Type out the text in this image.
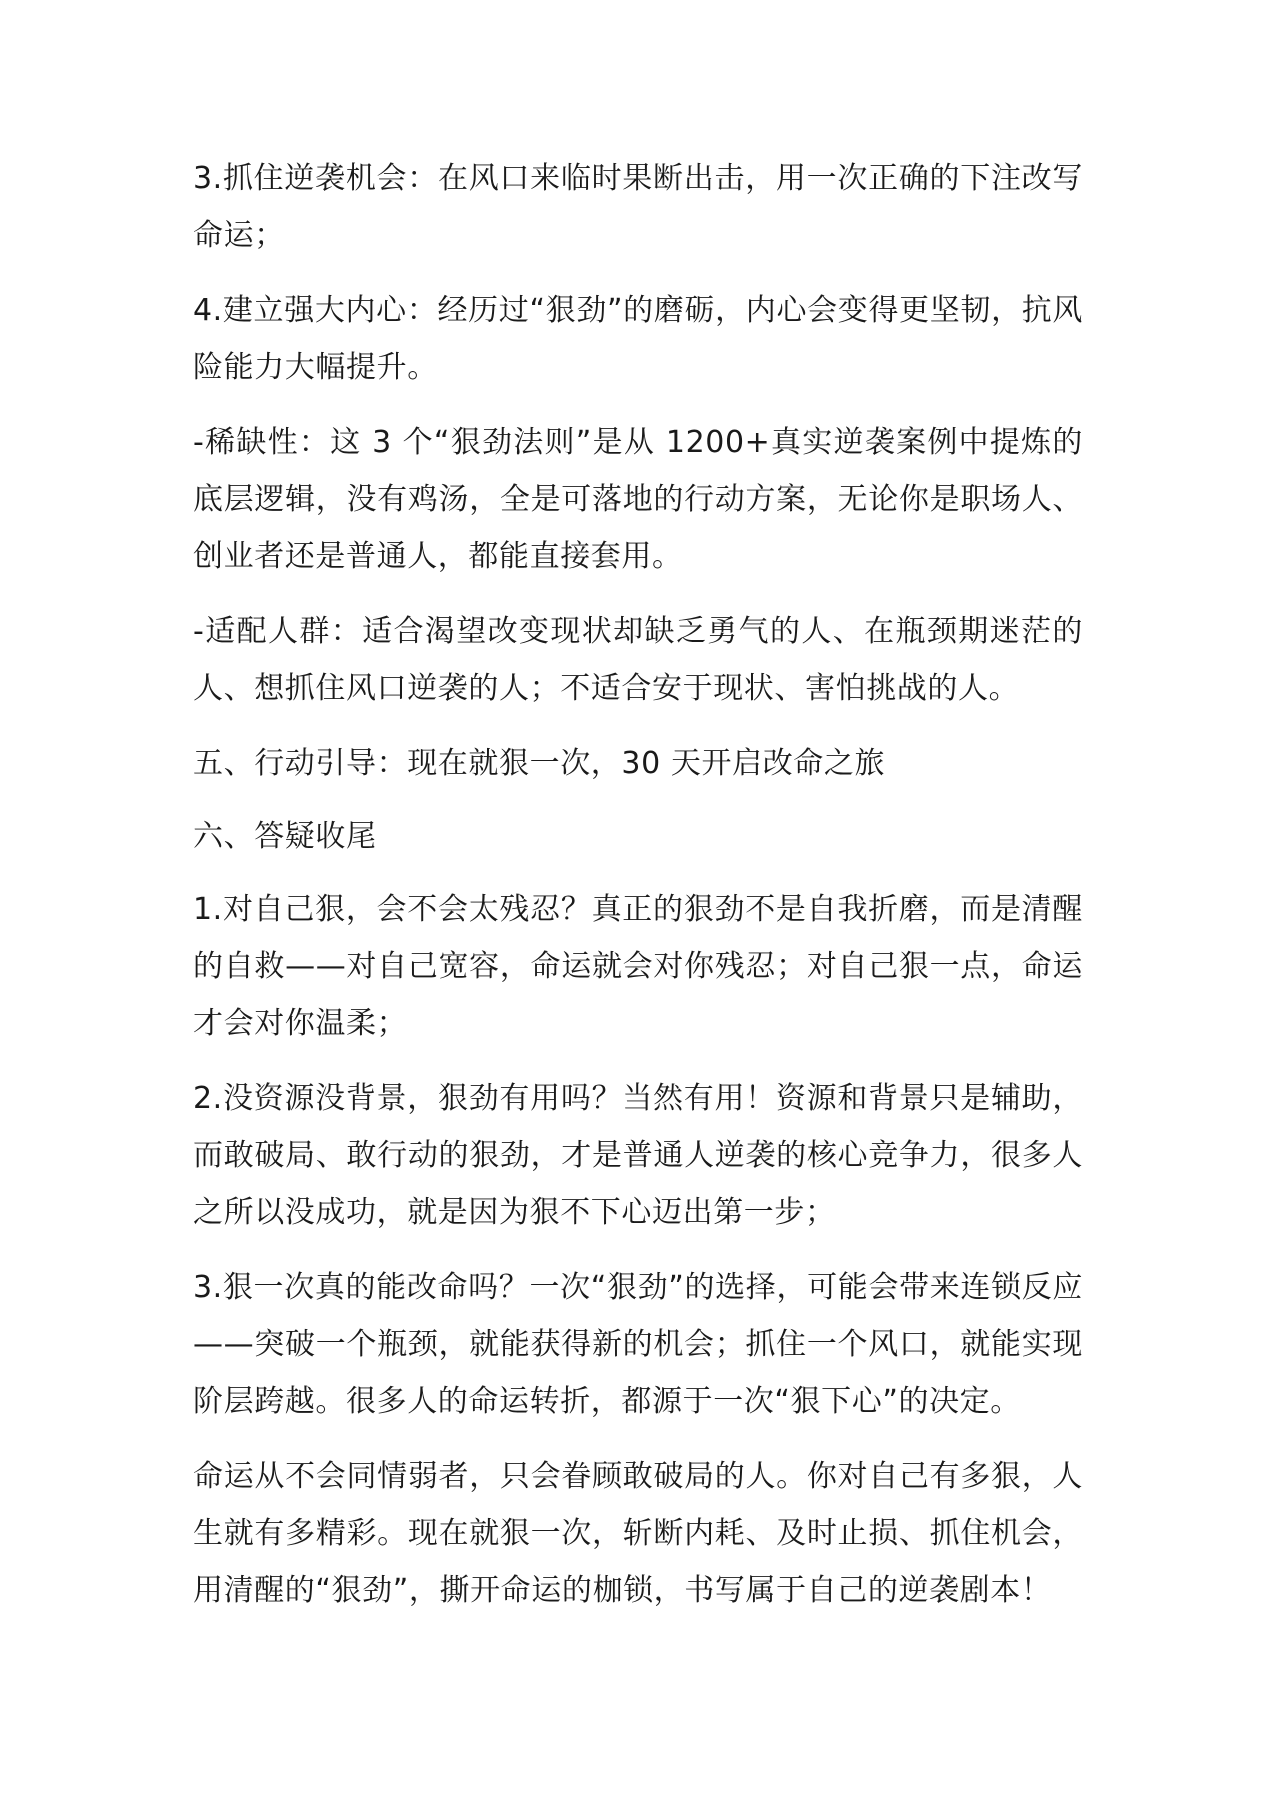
3.抓住逆袭机会：在风口来临时果断出击，用一次正确的下注改写命运；

4.建立强大内心：经历过“狠劲”的磨砺，内心会变得更坚韧，抗风险能力大幅提升。

-稀缺性：这 3 个“狠劲法则”是从 1200+真实逆袭案例中提炼的底层逻辑，没有鸡汤，全是可落地的行动方案，无论你是职场人、创业者还是普通人，都能直接套用。

-适配人群：适合渴望改变现状却缺乏勇气的人、在瓶颈期迷茫的人、想抓住风口逆袭的人；不适合安于现状、害怕挑战的人。

五、行动引导：现在就狠一次，30 天开启改命之旅

六、答疑收尾

1.对自己狠，会不会太残忍？真正的狠劲不是自我折磨，而是清醒的自救——对自己宽容，命运就会对你残忍；对自己狠一点，命运才会对你温柔；

2.没资源没背景，狠劲有用吗？当然有用！资源和背景只是辅助，而敢破局、敢行动的狠劲，才是普通人逆袭的核心竞争力，很多人之所以没成功，就是因为狠不下心迈出第一步；

3.狠一次真的能改命吗？一次“狠劲”的选择，可能会带来连锁反应——突破一个瓶颈，就能获得新的机会；抓住一个风口，就能实现阶层跨越。很多人的命运转折，都源于一次“狠下心”的决定。

命运从不会同情弱者，只会眷顾敢破局的人。你对自己有多狠，人生就有多精彩。现在就狠一次，斩断内耗、及时止损、抓住机会，用清醒的“狠劲”，撕开命运的枷锁，书写属于自己的逆袭剧本！
